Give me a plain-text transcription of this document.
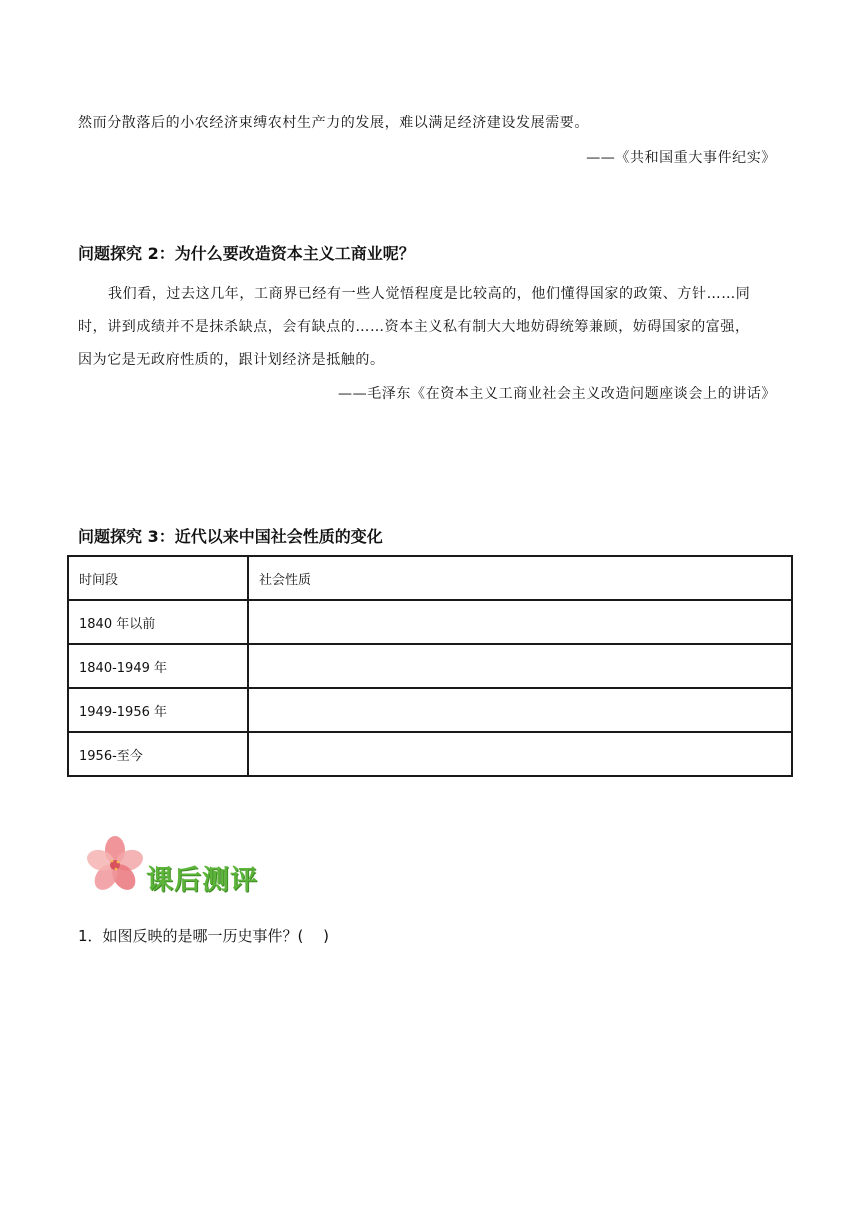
然而分散落后的小农经济束缚农村生产力的发展，难以满足经济建设发展需要。
——《共和国重大事件纪实》
问题探究 2：为什么要改造资本主义工商业呢？
我们看，过去这几年，工商界已经有一些人觉悟程度是比较高的，他们懂得国家的政策、方针……同
时，讲到成绩并不是抹杀缺点，会有缺点的……资本主义私有制大大地妨碍统筹兼顾，妨碍国家的富强，
因为它是无政府性质的，跟计划经济是抵触的。
——毛泽东《在资本主义工商业社会主义改造问题座谈会上的讲话》
问题探究 3：近代以来中国社会性质的变化
时间段	社会性质
1840 年以前	
1840-1949 年	
1949-1956 年	
1956-至今	
课后测评
1．如图反映的是哪一历史事件？(　 )
